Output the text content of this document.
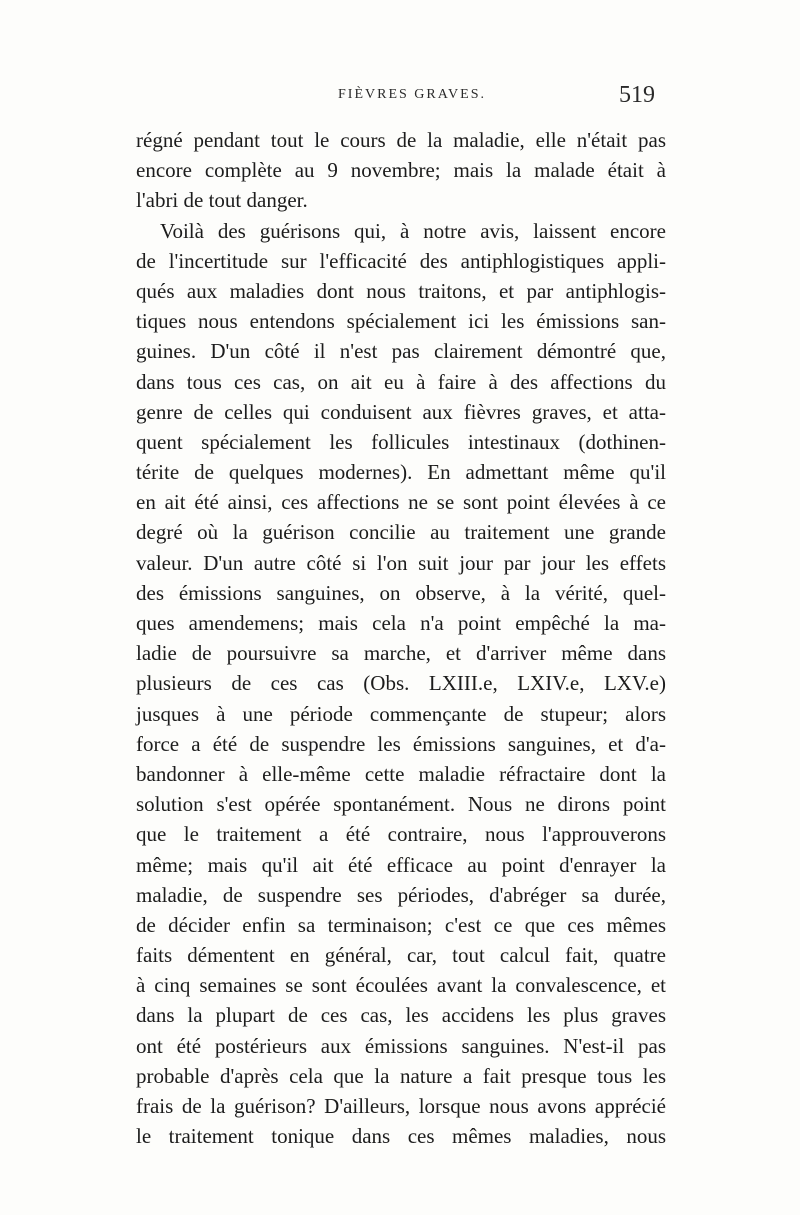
FIÈVRES GRAVES.	519
régné pendant tout le cours de la maladie, elle n'était pas
encore complète au 9 novembre; mais la malade était à
l'abri de tout danger.
Voilà des guérisons qui, à notre avis, laissent encore
de l'incertitude sur l'efficacité des antiphlogistiques appli-
qués aux maladies dont nous traitons, et par antiphlogis-
tiques nous entendons spécialement ici les émissions san-
guines. D'un côté il n'est pas clairement démontré que,
dans tous ces cas, on ait eu à faire à des affections du
genre de celles qui conduisent aux fièvres graves, et atta-
quent spécialement les follicules intestinaux (dothinen-
térite de quelques modernes). En admettant même qu'il
en ait été ainsi, ces affections ne se sont point élevées à ce
degré où la guérison concilie au traitement une grande
valeur. D'un autre côté si l'on suit jour par jour les effets
des émissions sanguines, on observe, à la vérité, quel-
ques amendemens; mais cela n'a point empêché la ma-
ladie de poursuivre sa marche, et d'arriver même dans
plusieurs de ces cas (Obs. LXIII.e, LXIV.e, LXV.e)
jusques à une période commençante de stupeur; alors
force a été de suspendre les émissions sanguines, et d'a-
bandonner à elle-même cette maladie réfractaire dont la
solution s'est opérée spontanément. Nous ne dirons point
que le traitement a été contraire, nous l'approuverons
même; mais qu'il ait été efficace au point d'enrayer la
maladie, de suspendre ses périodes, d'abréger sa durée,
de décider enfin sa terminaison; c'est ce que ces mêmes
faits démentent en général, car, tout calcul fait, quatre
à cinq semaines se sont écoulées avant la convalescence, et
dans la plupart de ces cas, les accidens les plus graves
ont été postérieurs aux émissions sanguines. N'est-il pas
probable d'après cela que la nature a fait presque tous les
frais de la guérison? D'ailleurs, lorsque nous avons apprécié
le traitement tonique dans ces mêmes maladies, nous
